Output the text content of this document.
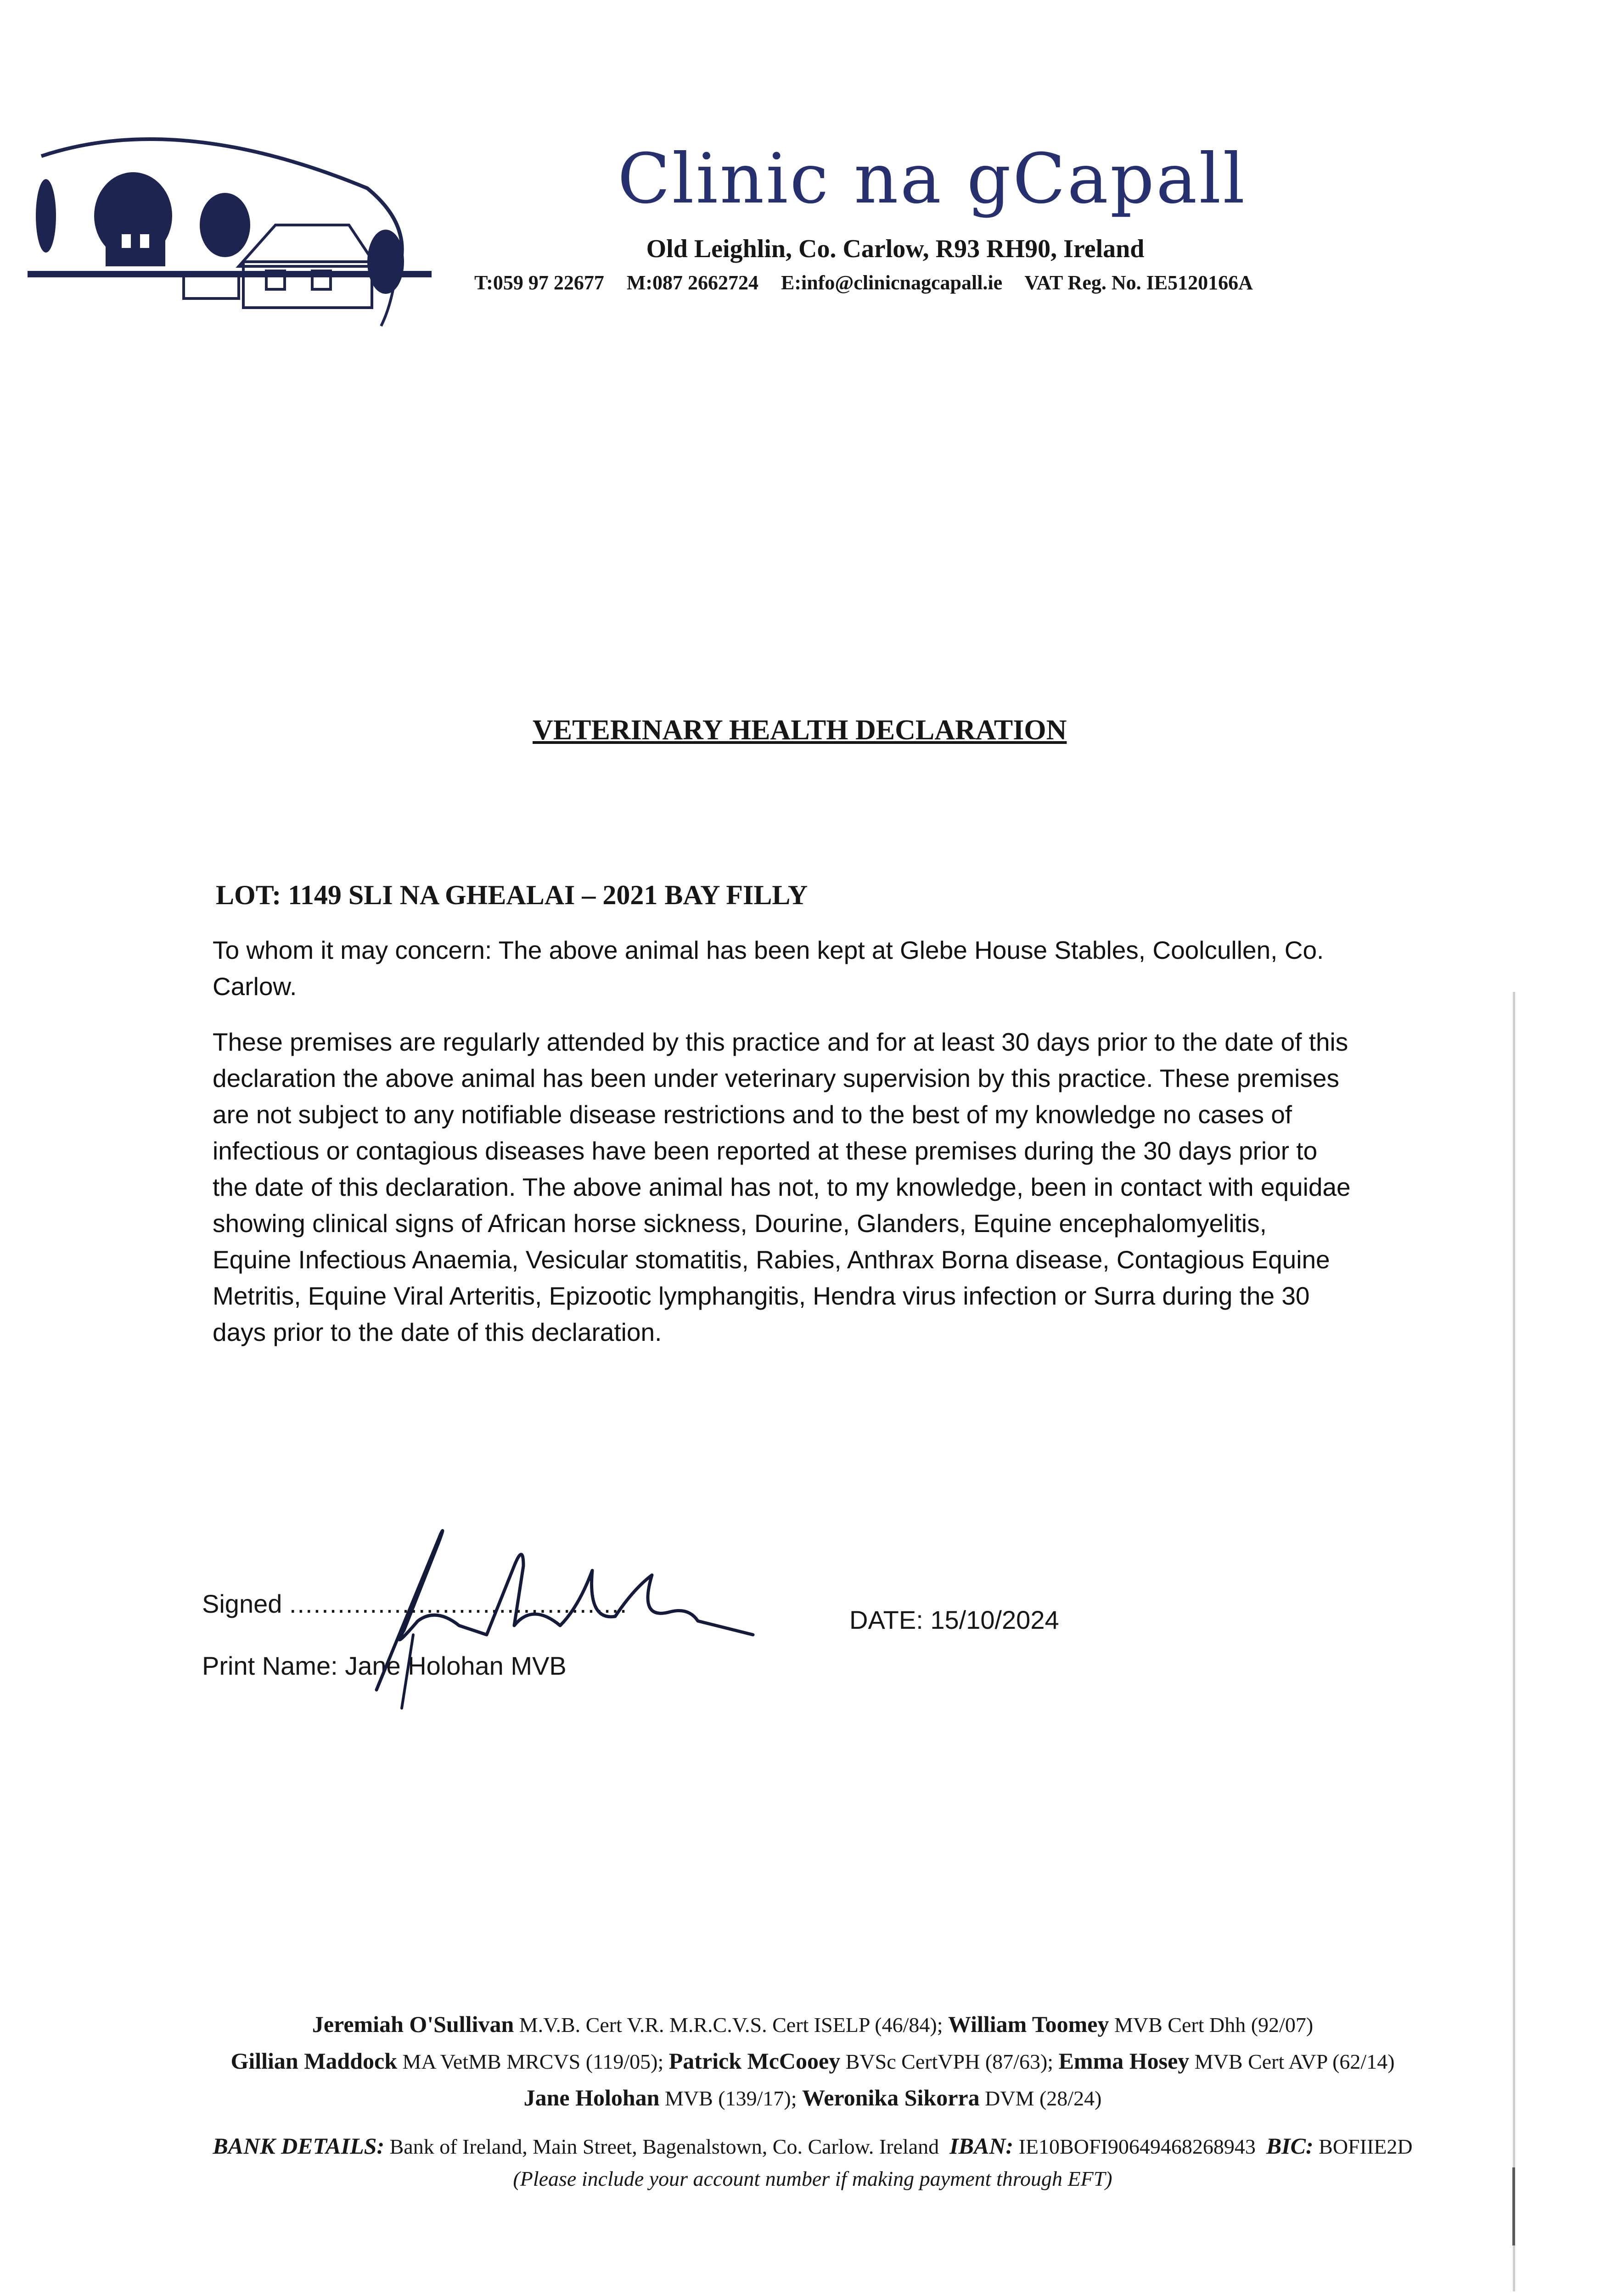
Clinic na gCapall
Old Leighlin, Co. Carlow, R93 RH90, Ireland
T:059 97 22677 M:087 2662724 E:info@clinicnagcapall.ie VAT Reg. No. IE5120166A
VETERINARY HEALTH DECLARATION
LOT: 1149 SLI NA GHEALAI – 2021 BAY FILLY
To whom it may concern: The above animal has been kept at Glebe House Stables, Coolcullen, Co. Carlow.
These premises are regularly attended by this practice and for at least 30 days prior to the date of this declaration the above animal has been under veterinary supervision by this practice. These premises are not subject to any notifiable disease restrictions and to the best of my knowledge no cases of infectious or contagious diseases have been reported at these premises during the 30 days prior to the date of this declaration. The above animal has not, to my knowledge, been in contact with equidae showing clinical signs of African horse sickness, Dourine, Glanders, Equine encephalomyelitis, Equine Infectious Anaemia, Vesicular stomatitis, Rabies, Anthrax Borna disease, Contagious Equine Metritis, Equine Viral Arteritis, Epizootic lymphangitis, Hendra virus infection or Surra during the 30 days prior to the date of this declaration.
Signed ..........................................
DATE: 15/10/2024
Print Name: Jane Holohan MVB
Jeremiah O'Sullivan M.V.B. Cert V.R. M.R.C.V.S. Cert ISELP (46/84); William Toomey MVB Cert Dhh (92/07)
Gillian Maddock MA VetMB MRCVS (119/05); Patrick McCooey BVSc CertVPH (87/63); Emma Hosey MVB Cert AVP (62/14)
Jane Holohan MVB (139/17); Weronika Sikorra DVM (28/24)
BANK DETAILS: Bank of Ireland, Main Street, Bagenalstown, Co. Carlow. Ireland IBAN: IE10BOFI90649468268943 BIC: BOFIIE2D
(Please include your account number if making payment through EFT)
